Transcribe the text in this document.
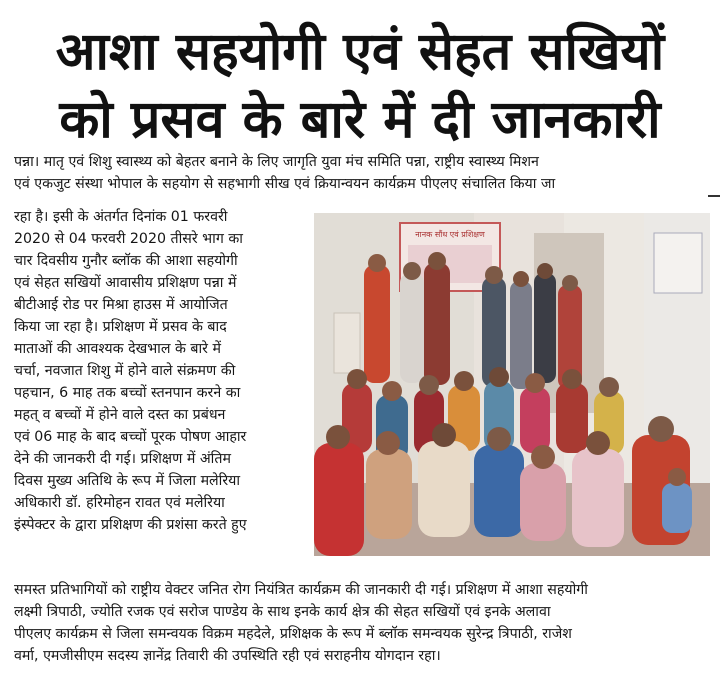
आशा सहयोगी एवं सेहत सखियों
को प्रसव के बारे में दी जानकारी
पन्ना। मातृ एवं शिशु स्वास्थ्य को बेहतर बनाने के लिए जागृति युवा मंच समिति पन्ना, राष्ट्रीय स्वास्थ्य मिशन
एवं एकजुट संस्था भोपाल के सहयोग से सहभागी सीख एवं क्रियान्वयन कार्यक्रम पीएलए संचालित किया जा
रहा है। इसी के अंतर्गत दिनांक 01 फरवरी
2020 से 04 फरवरी 2020 तीसरे भाग का
चार दिवसीय गुनौर ब्लॉक की आशा सहयोगी
एवं सेहत सखियों आवासीय प्रशिक्षण पन्ना में
बीटीआई रोड पर मिश्रा हाउस में आयोजित
किया जा रहा है। प्रशिक्षण में प्रसव के बाद
माताओं की आवश्यक देखभाल के बारे में
चर्चा, नवजात शिशु में होने वाले संक्रमण की
पहचान, 6 माह तक बच्चों स्तनपान करने का
महत् व बच्चों में होने वाले दस्त का प्रबंधन
एवं 06 माह के बाद बच्चों पूरक पोषण आहार
देने की जानकरी दी गई। प्रशिक्षण में अंतिम
दिवस मुख्य अतिथि के रूप में जिला मलेरिया
अधिकारी डॉ. हरिमोहन रावत एवं मलेरिया
इंस्पेक्टर के द्वारा प्रशिक्षण की प्रशंसा करते हुए
समस्त प्रतिभागियों को राष्ट्रीय वेक्टर जनित रोग नियंत्रित कार्यक्रम की जानकारी दी गई। प्रशिक्षण में आशा सहयोगी
लक्ष्मी त्रिपाठी, ज्योति रजक एवं सरोज पाण्डेय के साथ इनके कार्य क्षेत्र की सेहत सखियों एवं इनके अलावा
पीएलए कार्यक्रम से जिला समन्वयक विक्रम महदेले, प्रशिक्षक के रूप में ब्लॉक समन्वयक सुरेन्द्र त्रिपाठी, राजेश
वर्मा, एमजीसीएम सदस्य ज्ञानेंद्र तिवारी की उपस्थिति रही एवं सराहनीय योगदान रहा।
नानक सौंध एवं प्रशिक्षण
